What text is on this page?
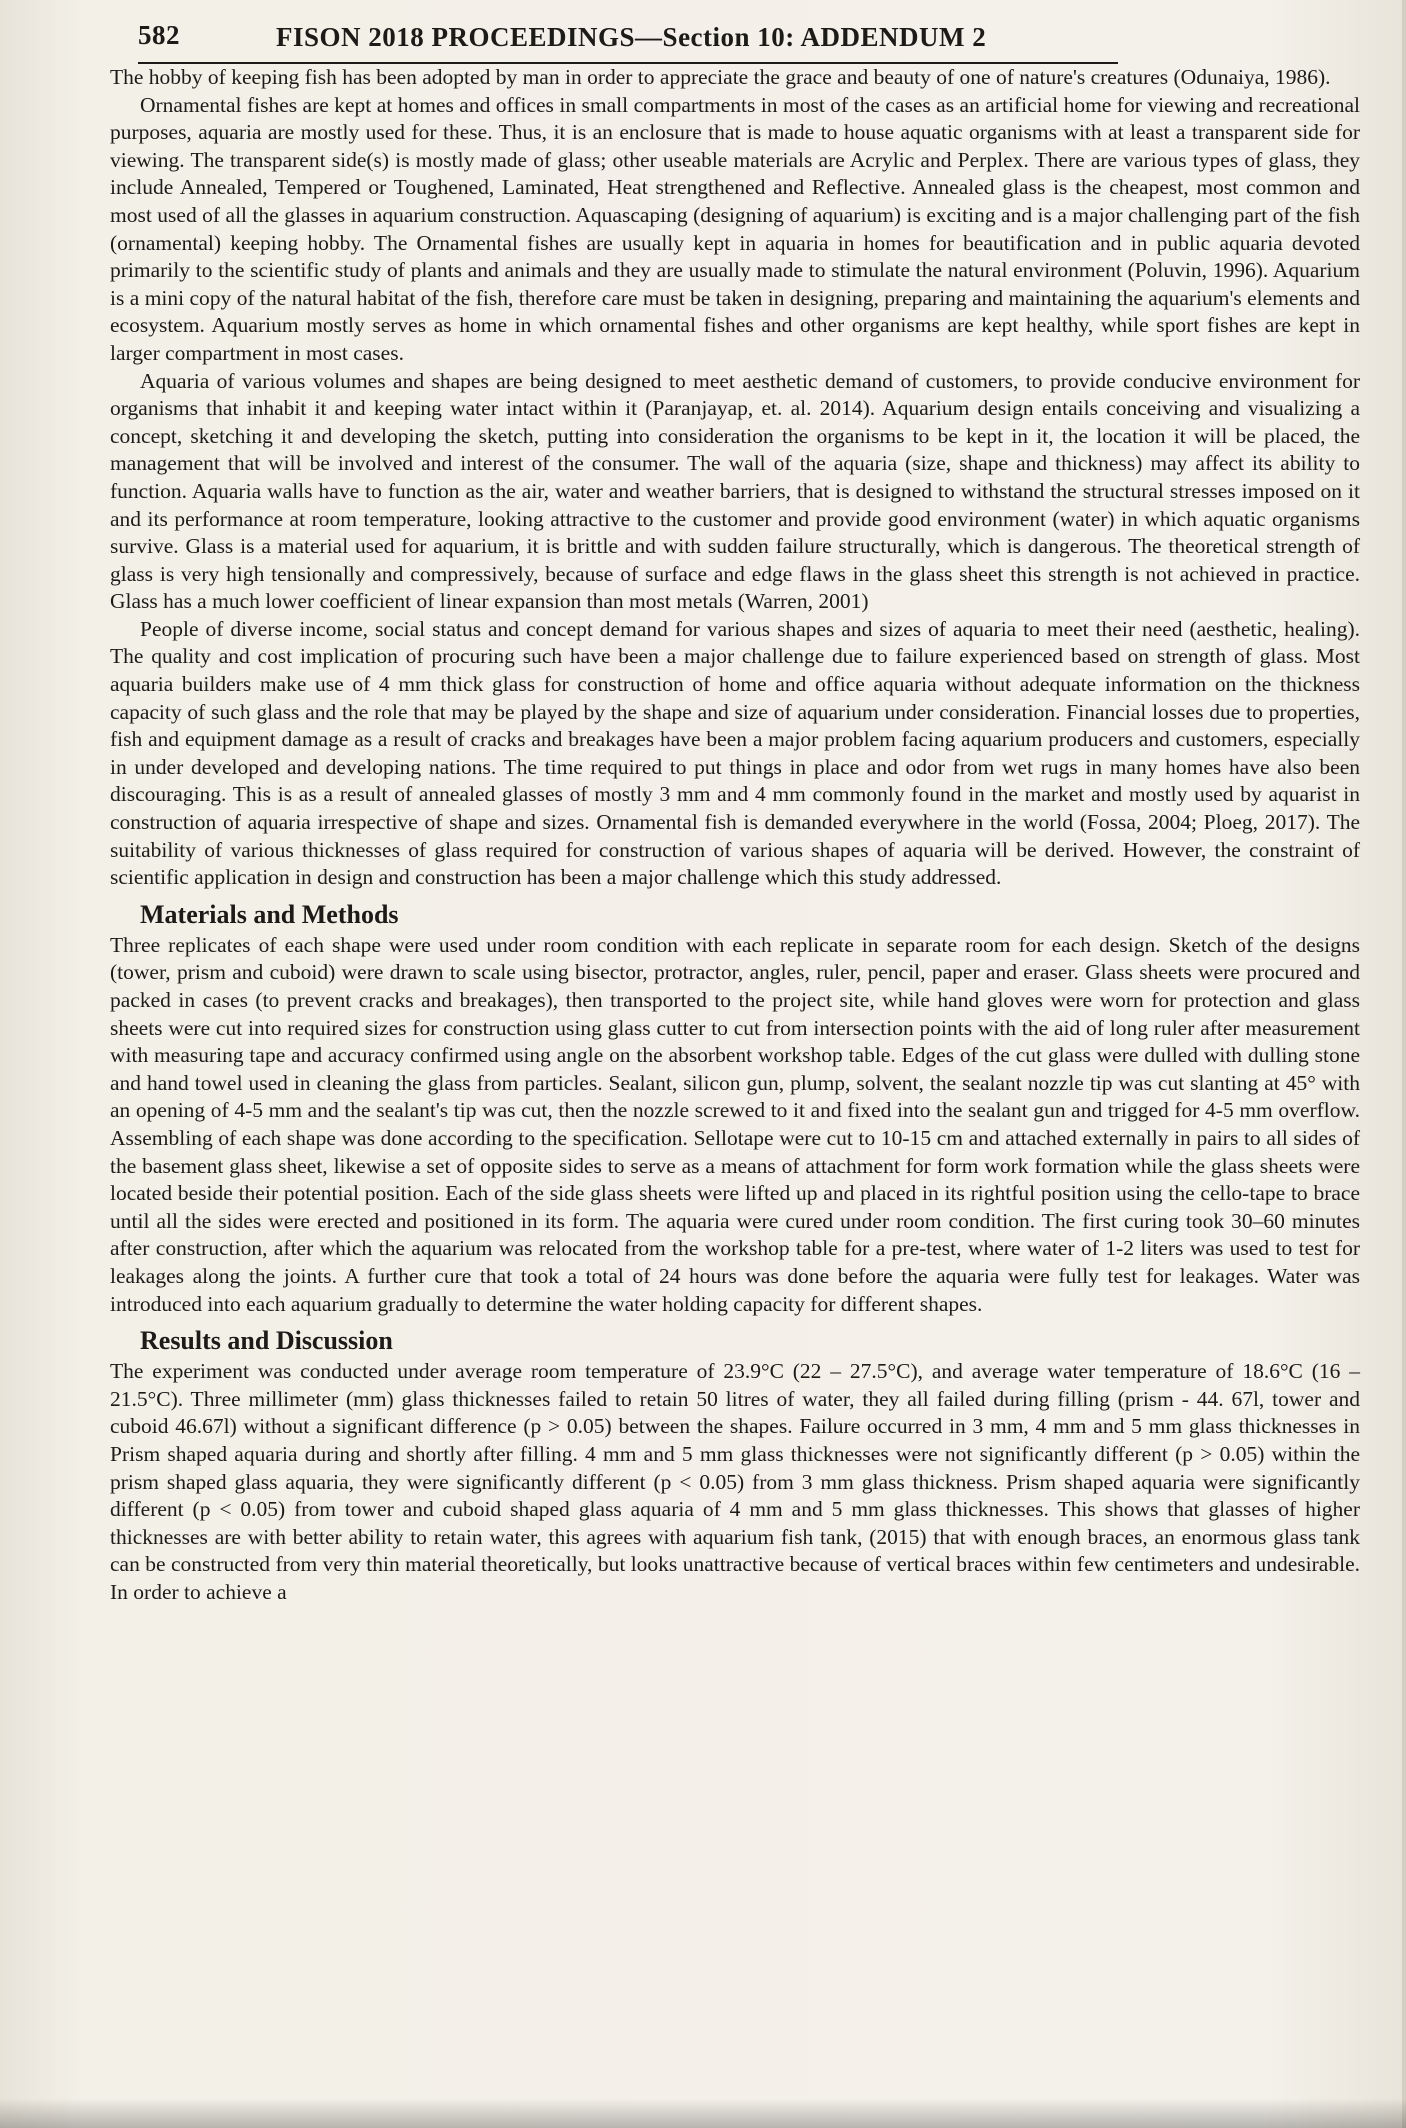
582	FISON 2018 PROCEEDINGS—Section 10: ADDENDUM 2

The hobby of keeping fish has been adopted by man in order to appreciate the grace and beauty of one of nature's creatures (Odunaiya, 1986).

Ornamental fishes are kept at homes and offices in small compartments in most of the cases as an artificial home for viewing and recreational purposes, aquaria are mostly used for these. Thus, it is an enclosure that is made to house aquatic organisms with at least a transparent side for viewing. The transparent side(s) is mostly made of glass; other useable materials are Acrylic and Perplex. There are various types of glass, they include Annealed, Tempered or Toughened, Laminated, Heat strengthened and Reflective. Annealed glass is the cheapest, most common and most used of all the glasses in aquarium construction. Aquascaping (designing of aquarium) is exciting and is a major challenging part of the fish (ornamental) keeping hobby. The Ornamental fishes are usually kept in aquaria in homes for beautification and in public aquaria devoted primarily to the scientific study of plants and animals and they are usually made to stimulate the natural environment (Poluvin, 1996). Aquarium is a mini copy of the natural habitat of the fish, therefore care must be taken in designing, preparing and maintaining the aquarium's elements and ecosystem. Aquarium mostly serves as home in which ornamental fishes and other organisms are kept healthy, while sport fishes are kept in larger compartment in most cases.

Aquaria of various volumes and shapes are being designed to meet aesthetic demand of customers, to provide conducive environment for organisms that inhabit it and keeping water intact within it (Paranjayap, et. al. 2014). Aquarium design entails conceiving and visualizing a concept, sketching it and developing the sketch, putting into consideration the organisms to be kept in it, the location it will be placed, the management that will be involved and interest of the consumer. The wall of the aquaria (size, shape and thickness) may affect its ability to function. Aquaria walls have to function as the air, water and weather barriers, that is designed to withstand the structural stresses imposed on it and its performance at room temperature, looking attractive to the customer and provide good environment (water) in which aquatic organisms survive. Glass is a material used for aquarium, it is brittle and with sudden failure structurally, which is dangerous. The theoretical strength of glass is very high tensionally and compressively, because of surface and edge flaws in the glass sheet this strength is not achieved in practice. Glass has a much lower coefficient of linear expansion than most metals (Warren, 2001)

People of diverse income, social status and concept demand for various shapes and sizes of aquaria to meet their need (aesthetic, healing). The quality and cost implication of procuring such have been a major challenge due to failure experienced based on strength of glass. Most aquaria builders make use of 4 mm thick glass for construction of home and office aquaria without adequate information on the thickness capacity of such glass and the role that may be played by the shape and size of aquarium under consideration. Financial losses due to properties, fish and equipment damage as a result of cracks and breakages have been a major problem facing aquarium producers and customers, especially in under developed and developing nations. The time required to put things in place and odor from wet rugs in many homes have also been discouraging. This is as a result of annealed glasses of mostly 3 mm and 4 mm commonly found in the market and mostly used by aquarist in construction of aquaria irrespective of shape and sizes. Ornamental fish is demanded everywhere in the world (Fossa, 2004; Ploeg, 2017). The suitability of various thicknesses of glass required for construction of various shapes of aquaria will be derived. However, the constraint of scientific application in design and construction has been a major challenge which this study addressed.

Materials and Methods

Three replicates of each shape were used under room condition with each replicate in separate room for each design. Sketch of the designs (tower, prism and cuboid) were drawn to scale using bisector, protractor, angles, ruler, pencil, paper and eraser. Glass sheets were procured and packed in cases (to prevent cracks and breakages), then transported to the project site, while hand gloves were worn for protection and glass sheets were cut into required sizes for construction using glass cutter to cut from intersection points with the aid of long ruler after measurement with measuring tape and accuracy confirmed using angle on the absorbent workshop table. Edges of the cut glass were dulled with dulling stone and hand towel used in cleaning the glass from particles. Sealant, silicon gun, plump, solvent, the sealant nozzle tip was cut slanting at 45° with an opening of 4-5 mm and the sealant's tip was cut, then the nozzle screwed to it and fixed into the sealant gun and trigged for 4-5 mm overflow. Assembling of each shape was done according to the specification. Sellotape were cut to 10-15 cm and attached externally in pairs to all sides of the basement glass sheet, likewise a set of opposite sides to serve as a means of attachment for form work formation while the glass sheets were located beside their potential position. Each of the side glass sheets were lifted up and placed in its rightful position using the cello-tape to brace until all the sides were erected and positioned in its form. The aquaria were cured under room condition. The first curing took 30–60 minutes after construction, after which the aquarium was relocated from the workshop table for a pre-test, where water of 1-2 liters was used to test for leakages along the joints. A further cure that took a total of 24 hours was done before the aquaria were fully test for leakages. Water was introduced into each aquarium gradually to determine the water holding capacity for different shapes.

Results and Discussion

The experiment was conducted under average room temperature of 23.9°C (22 – 27.5°C), and average water temperature of 18.6°C (16 – 21.5°C). Three millimeter (mm) glass thicknesses failed to retain 50 litres of water, they all failed during filling (prism - 44. 67l, tower and cuboid 46.67l) without a significant difference (p > 0.05) between the shapes. Failure occurred in 3 mm, 4 mm and 5 mm glass thicknesses in Prism shaped aquaria during and shortly after filling. 4 mm and 5 mm glass thicknesses were not significantly different (p > 0.05) within the prism shaped glass aquaria, they were significantly different (p < 0.05) from 3 mm glass thickness. Prism shaped aquaria were significantly different (p < 0.05) from tower and cuboid shaped glass aquaria of 4 mm and 5 mm glass thicknesses. This shows that glasses of higher thicknesses are with better ability to retain water, this agrees with aquarium fish tank, (2015) that with enough braces, an enormous glass tank can be constructed from very thin material theoretically, but looks unattractive because of vertical braces within few centimeters and undesirable. In order to achieve a
